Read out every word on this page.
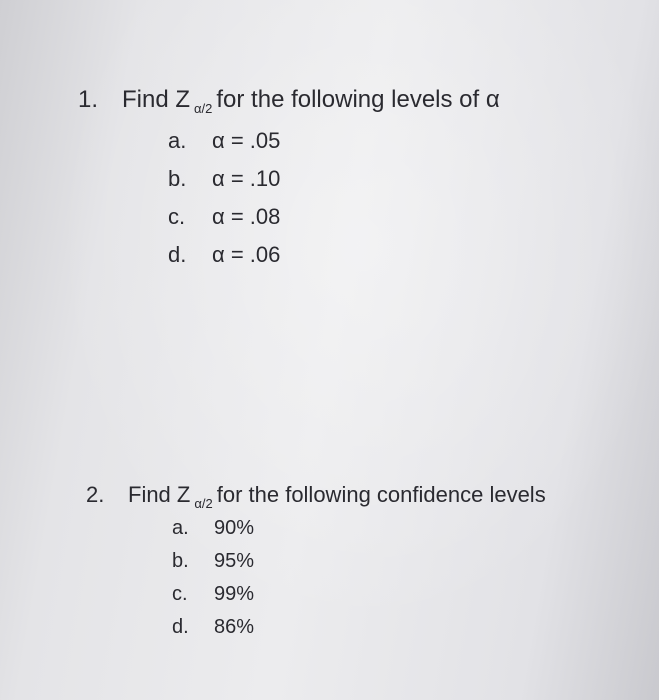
1. Find Z $_{\alpha/2}$ for the following levels of α
a. α = .05
b. α = .10
c. α = .08
d. α = .06
2. Find Z $_{\alpha/2}$ for the following confidence levels
a. 90%
b. 95%
c. 99%
d. 86%
